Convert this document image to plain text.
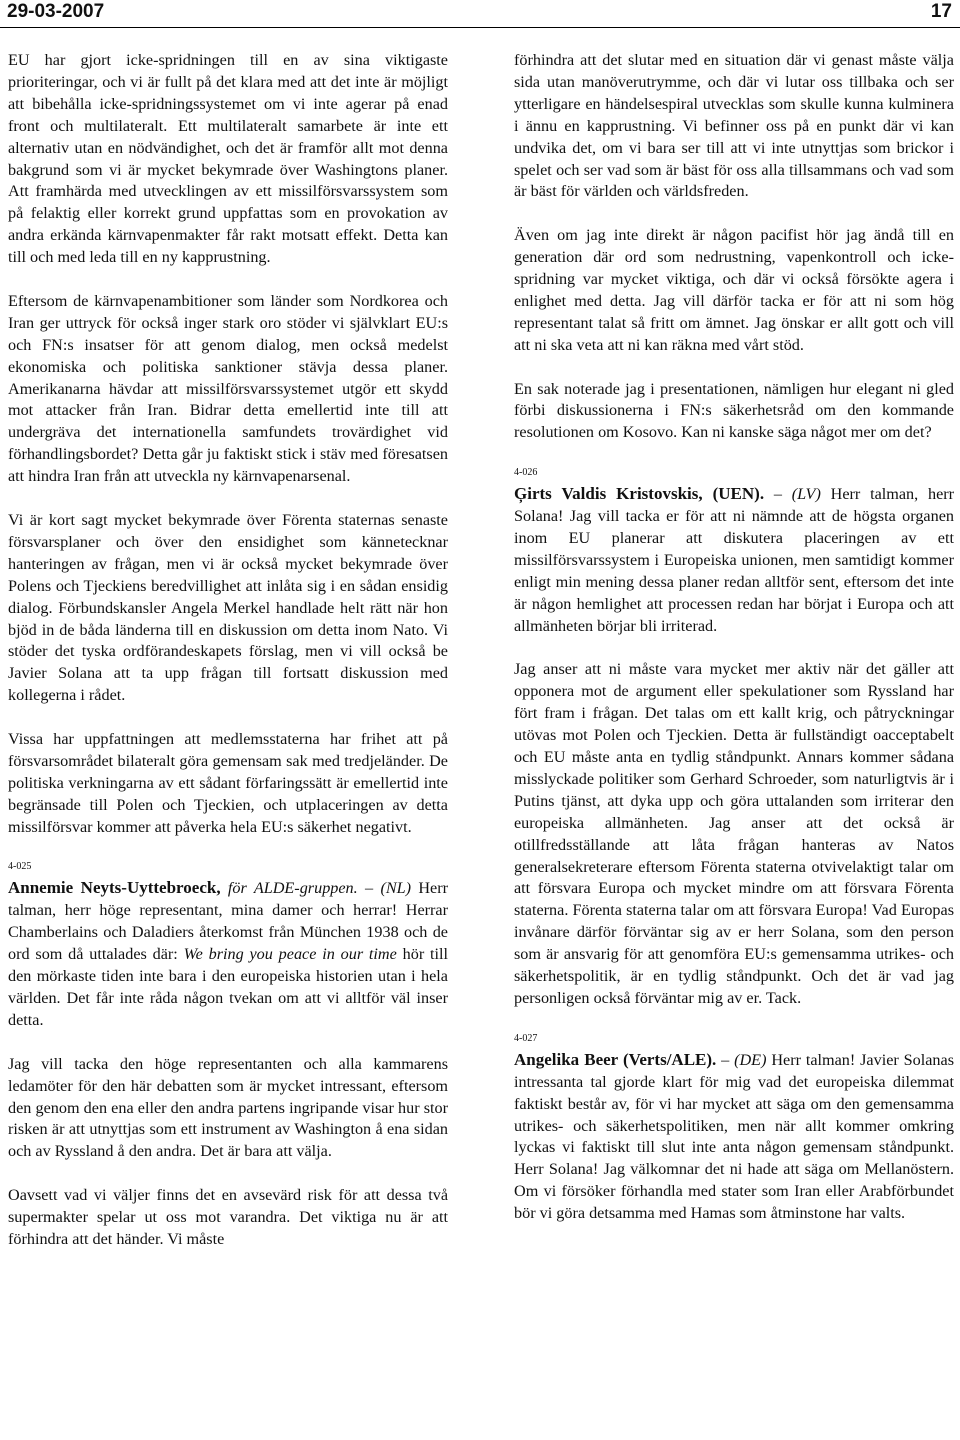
29-03-2007	17

EU har gjort icke-spridningen till en av sina viktigaste prioriteringar, och vi är fullt på det klara med att det inte är möjligt att bibehålla icke-spridningssystemet om vi inte agerar på enad front och multilateralt. Ett multilateralt samarbete är inte ett alternativ utan en nödvändighet, och det är framför allt mot denna bakgrund som vi är mycket bekymrade över Washingtons planer. Att framhärda med utvecklingen av ett missilförsvarssystem som på felaktig eller korrekt grund uppfattas som en provokation av andra erkända kärnvapenmakter får rakt motsatt effekt. Detta kan till och med leda till en ny kapprustning.

Eftersom de kärnvapenambitioner som länder som Nordkorea och Iran ger uttryck för också inger stark oro stöder vi självklart EU:s och FN:s insatser för att genom dialog, men också medelst ekonomiska och politiska sanktioner stävja dessa planer. Amerikanarna hävdar att missilförsvarssystemet utgör ett skydd mot attacker från Iran. Bidrar detta emellertid inte till att undergräva det internationella samfundets trovärdighet vid förhandlingsbordet? Detta går ju faktiskt stick i stäv med föresatsen att hindra Iran från att utveckla ny kärnvapenarsenal.

Vi är kort sagt mycket bekymrade över Förenta staternas senaste försvarsplaner och över den ensidighet som kännetecknar hanteringen av frågan, men vi är också mycket bekymrade över Polens och Tjeckiens beredvillighet att inlåta sig i en sådan ensidig dialog. Förbundskansler Angela Merkel handlade helt rätt när hon bjöd in de båda länderna till en diskussion om detta inom Nato. Vi stöder det tyska ordförandeskapets förslag, men vi vill också be Javier Solana att ta upp frågan till fortsatt diskussion med kollegerna i rådet.

Vissa har uppfattningen att medlemsstaterna har frihet att på försvarsområdet bilateralt göra gemensam sak med tredjeländer. De politiska verkningarna av ett sådant förfaringssätt är emellertid inte begränsade till Polen och Tjeckien, och utplaceringen av detta missilförsvar kommer att påverka hela EU:s säkerhet negativt.

4-025

Annemie Neyts-Uyttebroeck, för ALDE-gruppen. – (NL) Herr talman, herr höge representant, mina damer och herrar! Herrar Chamberlains och Daladiers återkomst från München 1938 och de ord som då uttalades där: We bring you peace in our time hör till den mörkaste tiden inte bara i den europeiska historien utan i hela världen. Det får inte råda någon tvekan om att vi alltför väl inser detta.

Jag vill tacka den höge representanten och alla kammarens ledamöter för den här debatten som är mycket intressant, eftersom den genom den ena eller den andra partens ingripande visar hur stor risken är att utnyttjas som ett instrument av Washington å ena sidan och av Ryssland å den andra. Det är bara att välja.

Oavsett vad vi väljer finns det en avsevärd risk för att dessa två supermakter spelar ut oss mot varandra. Det viktiga nu är att förhindra att det händer. Vi måste

förhindra att det slutar med en situation där vi genast måste välja sida utan manöverutrymme, och där vi lutar oss tillbaka och ser ytterligare en händelsespiral utvecklas som skulle kunna kulminera i ännu en kapprustning. Vi befinner oss på en punkt där vi kan undvika det, om vi bara ser till att vi inte utnyttjas som brickor i spelet och ser vad som är bäst för oss alla tillsammans och vad som är bäst för världen och världsfreden.

Även om jag inte direkt är någon pacifist hör jag ändå till en generation där ord som nedrustning, vapenkontroll och icke-spridning var mycket viktiga, och där vi också försökte agera i enlighet med detta. Jag vill därför tacka er för att ni som hög representant talat så fritt om ämnet. Jag önskar er allt gott och vill att ni ska veta att ni kan räkna med vårt stöd.

En sak noterade jag i presentationen, nämligen hur elegant ni gled förbi diskussionerna i FN:s säkerhetsråd om den kommande resolutionen om Kosovo. Kan ni kanske säga något mer om det?

4-026

Ģirts Valdis Kristovskis, (UEN). – (LV) Herr talman, herr Solana! Jag vill tacka er för att ni nämnde att de högsta organen inom EU planerar att diskutera placeringen av ett missilförsvarssystem i Europeiska unionen, men samtidigt kommer enligt min mening dessa planer redan alltför sent, eftersom det inte är någon hemlighet att processen redan har börjat i Europa och att allmänheten börjar bli irriterad.

Jag anser att ni måste vara mycket mer aktiv när det gäller att opponera mot de argument eller spekulationer som Ryssland har fört fram i frågan. Det talas om ett kallt krig, och påtryckningar utövas mot Polen och Tjeckien. Detta är fullständigt oacceptabelt och EU måste anta en tydlig ståndpunkt. Annars kommer sådana misslyckade politiker som Gerhard Schroeder, som naturligtvis är i Putins tjänst, att dyka upp och göra uttalanden som irriterar den europeiska allmänheten. Jag anser att det också är otillfredsställande att låta frågan hanteras av Natos generalsekreterare eftersom Förenta staterna otvivelaktigt talar om att försvara Europa och mycket mindre om att försvara Förenta staterna. Förenta staterna talar om att försvara Europa! Vad Europas invånare därför förväntar sig av er herr Solana, som den person som är ansvarig för att genomföra EU:s gemensamma utrikes- och säkerhetspolitik, är en tydlig ståndpunkt. Och det är vad jag personligen också förväntar mig av er. Tack.

4-027

Angelika Beer (Verts/ALE). – (DE) Herr talman! Javier Solanas intressanta tal gjorde klart för mig vad det europeiska dilemmat faktiskt består av, för vi har mycket att säga om den gemensamma utrikes- och säkerhetspolitiken, men när allt kommer omkring lyckas vi faktiskt till slut inte anta någon gemensam ståndpunkt. Herr Solana! Jag välkomnar det ni hade att säga om Mellanöstern. Om vi försöker förhandla med stater som Iran eller Arabförbundet bör vi göra detsamma med Hamas som åtminstone har valts.
